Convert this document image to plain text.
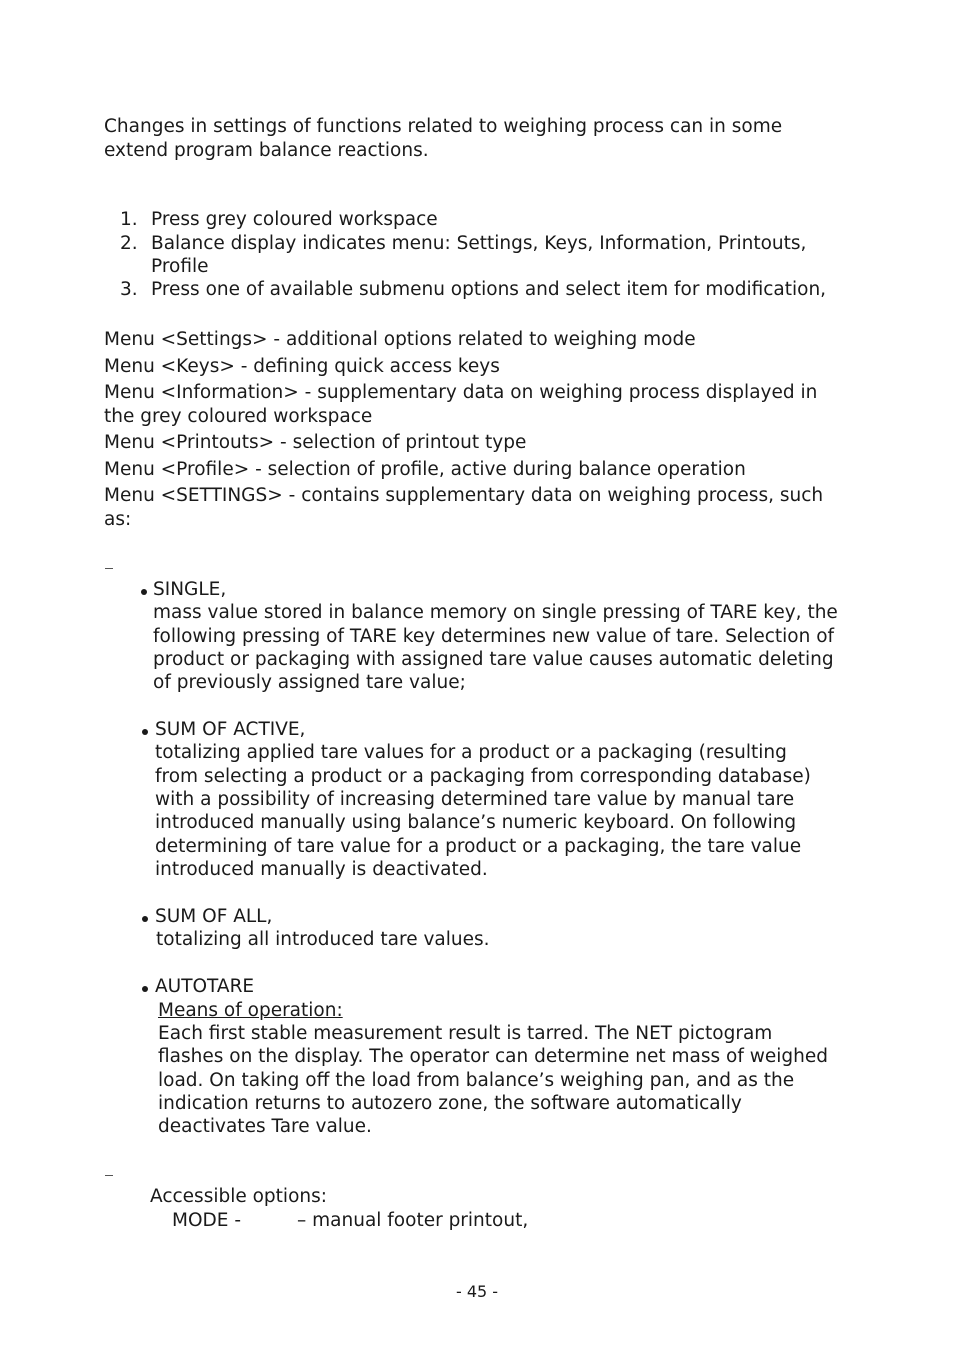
Changes in settings of functions related to weighing process can in some
extend program balance reactions.
1. Press grey coloured workspace
2. Balance display indicates menu: Settings, Keys, Information, Printouts,
Profile
3. Press one of available submenu options and select item for modification,
Menu <Settings> - additional options related to weighing mode
Menu <Keys> - defining quick access keys
Menu <Information> - supplementary data on weighing process displayed in
the grey coloured workspace
Menu <Printouts> - selection of printout type
Menu <Profile> - selection of profile, active during balance operation
Menu <SETTINGS> - contains supplementary data on weighing process, such
as:
SINGLE,
mass value stored in balance memory on single pressing of TARE key, the
following pressing of TARE key determines new value of tare. Selection of
product or packaging with assigned tare value causes automatic deleting
of previously assigned tare value;
SUM OF ACTIVE,
totalizing applied tare values for a product or a packaging (resulting
from selecting a product or a packaging from corresponding database)
with a possibility of increasing determined tare value by manual tare
introduced manually using balance’s numeric keyboard. On following
determining of tare value for a product or a packaging, the tare value
introduced manually is deactivated.
SUM OF ALL,
totalizing all introduced tare values.
AUTOTARE
Means of operation:
Each first stable measurement result is tarred. The NET pictogram
flashes on the display. The operator can determine net mass of weighed
load. On taking off the load from balance’s weighing pan, and as the
indication returns to autozero zone, the software automatically
deactivates Tare value.
Accessible options:
MODE -	– manual footer printout,
- 45 -
